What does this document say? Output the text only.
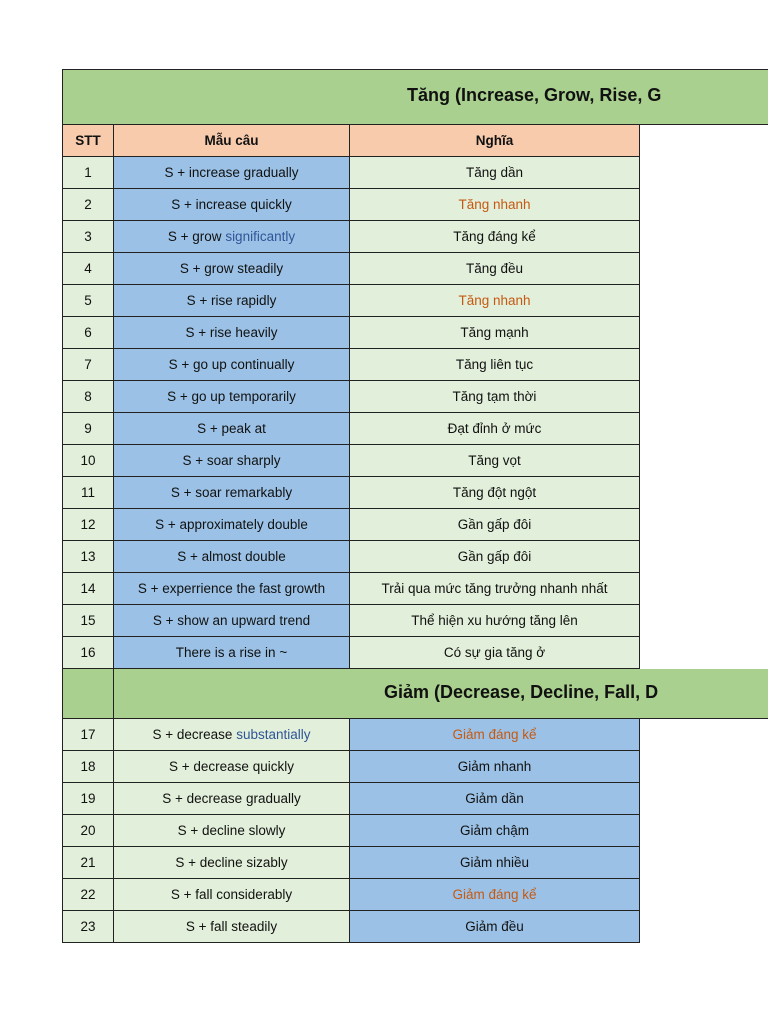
Tăng (Increase, Grow, Rise, G
STT	Mẫu câu	Nghĩa
1	S + increase gradually	Tăng dần
2	S + increase quickly	Tăng nhanh
3	S + grow significantly	Tăng đáng kể
4	S + grow steadily	Tăng đều
5	S + rise rapidly	Tăng nhanh
6	S + rise heavily	Tăng mạnh
7	S + go up continually	Tăng liên tục
8	S + go up temporarily	Tăng tạm thời
9	S + peak at	Đạt đỉnh ở mức
10	S + soar sharply	Tăng vọt
11	S + soar remarkably	Tăng đột ngột
12	S + approximately double	Gần gấp đôi
13	S + almost double	Gần gấp đôi
14	S + experrience the fast growth	Trải qua mức tăng trưởng nhanh nhất
15	S + show an upward trend	Thể hiện xu hướng tăng lên
16	There is a rise in ~	Có sự gia tăng ở
Giảm (Decrease, Decline, Fall, D
17	S + decrease substantially	Giảm đáng kể
18	S + decrease quickly	Giảm nhanh
19	S + decrease gradually	Giảm dần
20	S + decline slowly	Giảm chậm
21	S + decline sizably	Giảm nhiều
22	S + fall considerably	Giảm đáng kể
23	S + fall steadily	Giảm đều
